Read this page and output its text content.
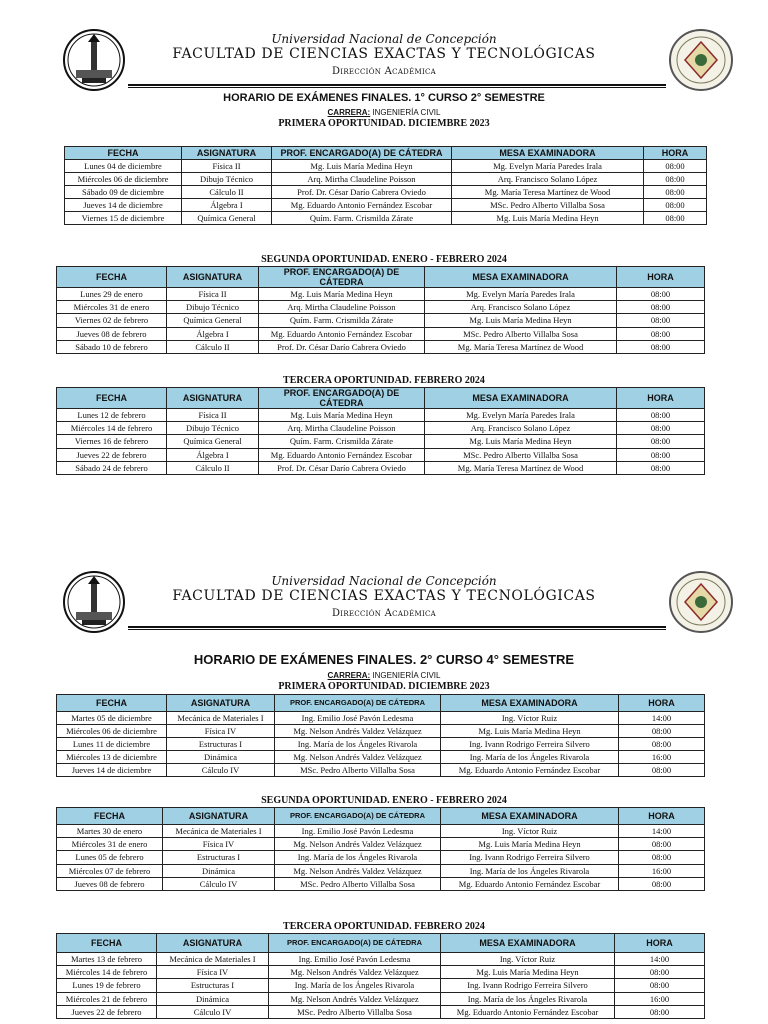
Universidad Nacional de Concepción
FACULTAD DE CIENCIAS EXACTAS Y TECNOLÓGICAS
Dirección Académica
HORARIO DE EXÁMENES FINALES. 1° CURSO 2° SEMESTRE
CARRERA: INGENIERÍA CIVIL
PRIMERA OPORTUNIDAD. DICIEMBRE 2023
FECHA	ASIGNATURA	PROF. ENCARGADO(A) DE CÁTEDRA	MESA EXAMINADORA	HORA
Lunes 04 de diciembre	Física II	Mg. Luis María Medina Heyn	Mg. Evelyn María Paredes Irala	08:00
Miércoles 06 de diciembre	Dibujo Técnico	Arq. Mirtha Claudeline Poisson	Arq. Francisco Solano López	08:00
Sábado 09 de diciembre	Cálculo II	Prof. Dr. César Darío Cabrera Oviedo	Mg. María Teresa Martínez de Wood	08:00
Jueves 14 de diciembre	Álgebra I	Mg. Eduardo Antonio Fernández Escobar	MSc. Pedro Alberto Villalba Sosa	08:00
Viernes 15 de diciembre	Química General	Quím. Farm. Crismilda Zárate	Mg. Luis María Medina Heyn	08:00
SEGUNDA OPORTUNIDAD. ENERO - FEBRERO 2024
FECHA	ASIGNATURA	PROF. ENCARGADO(A) DE CÁTEDRA	MESA EXAMINADORA	HORA
Lunes 29 de enero	Física II	Mg. Luis María Medina Heyn	Mg. Evelyn María Paredes Irala	08:00
Miércoles 31 de enero	Dibujo Técnico	Arq. Mirtha Claudeline Poisson	Arq. Francisco Solano López	08:00
Viernes 02 de febrero	Química General	Quím. Farm. Crismilda Zárate	Mg. Luis María Medina Heyn	08:00
Jueves 08 de febrero	Álgebra I	Mg. Eduardo Antonio Fernández Escobar	MSc. Pedro Alberto Villalba Sosa	08:00
Sábado 10 de febrero	Cálculo II	Prof. Dr. César Darío Cabrera Oviedo	Mg. María Teresa Martínez de Wood	08:00
TERCERA OPORTUNIDAD. FEBRERO 2024
FECHA	ASIGNATURA	PROF. ENCARGADO(A) DE CÁTEDRA	MESA EXAMINADORA	HORA
Lunes 12 de febrero	Física II	Mg. Luis María Medina Heyn	Mg. Evelyn María Paredes Irala	08:00
Miércoles 14 de febrero	Dibujo Técnico	Arq. Mirtha Claudeline Poisson	Arq. Francisco Solano López	08:00
Viernes 16 de febrero	Química General	Quím. Farm. Crismilda Zárate	Mg. Luis María Medina Heyn	08:00
Jueves 22 de febrero	Álgebra I	Mg. Eduardo Antonio Fernández Escobar	MSc. Pedro Alberto Villalba Sosa	08:00
Sábado 24 de febrero	Cálculo II	Prof. Dr. César Darío Cabrera Oviedo	Mg. María Teresa Martínez de Wood	08:00
Universidad Nacional de Concepción
FACULTAD DE CIENCIAS EXACTAS Y TECNOLÓGICAS
Dirección Académica
HORARIO DE EXÁMENES FINALES. 2° CURSO 4° SEMESTRE
CARRERA: INGENIERÍA CIVIL
PRIMERA OPORTUNIDAD. DICIEMBRE 2023
FECHA	ASIGNATURA	PROF. ENCARGADO(A) DE CÁTEDRA	MESA EXAMINADORA	HORA
Martes 05 de diciembre	Mecánica de Materiales I	Ing. Emilio José Pavón Ledesma	Ing. Víctor Ruiz	14:00
Miércoles 06 de diciembre	Física IV	Mg. Nelson Andrés Valdez Velázquez	Mg. Luis María Medina Heyn	08:00
Lunes 11 de diciembre	Estructuras I	Ing. María de los Ángeles Rivarola	Ing. Ivann Rodrigo Ferreira Silvero	08:00
Miércoles 13 de diciembre	Dinámica	Mg. Nelson Andrés Valdez Velázquez	Ing. María de los Ángeles Rivarola	16:00
Jueves 14 de diciembre	Cálculo IV	MSc. Pedro Alberto Villalba Sosa	Mg. Eduardo Antonio Fernández Escobar	08:00
SEGUNDA OPORTUNIDAD. ENERO - FEBRERO 2024
FECHA	ASIGNATURA	PROF. ENCARGADO(A) DE CÁTEDRA	MESA EXAMINADORA	HORA
Martes 30 de enero	Mecánica de Materiales I	Ing. Emilio José Pavón Ledesma	Ing. Víctor Ruiz	14:00
Miércoles 31 de enero	Física IV	Mg. Nelson Andrés Valdez Velázquez	Mg. Luis María Medina Heyn	08:00
Lunes 05 de febrero	Estructuras I	Ing. María de los Ángeles Rivarola	Ing. Ivann Rodrigo Ferreira Silvero	08:00
Miércoles 07 de febrero	Dinámica	Mg. Nelson Andrés Valdez Velázquez	Ing. María de los Ángeles Rivarola	16:00
Jueves 08 de febrero	Cálculo IV	MSc. Pedro Alberto Villalba Sosa	Mg. Eduardo Antonio Fernández Escobar	08:00
TERCERA OPORTUNIDAD. FEBRERO 2024
FECHA	ASIGNATURA	PROF. ENCARGADO(A) DE CÁTEDRA	MESA EXAMINADORA	HORA
Martes 13 de febrero	Mecánica de Materiales I	Ing. Emilio José Pavón Ledesma	Ing. Víctor Ruiz	14:00
Miércoles 14 de febrero	Física IV	Mg. Nelson Andrés Valdez Velázquez	Mg. Luis María Medina Heyn	08:00
Lunes 19 de febrero	Estructuras I	Ing. María de los Ángeles Rivarola	Ing. Ivann Rodrigo Ferreira Silvero	08:00
Miércoles 21 de febrero	Dinámica	Mg. Nelson Andrés Valdez Velázquez	Ing. María de los Ángeles Rivarola	16:00
Jueves 22 de febrero	Cálculo IV	MSc. Pedro Alberto Villalba Sosa	Mg. Eduardo Antonio Fernández Escobar	08:00
